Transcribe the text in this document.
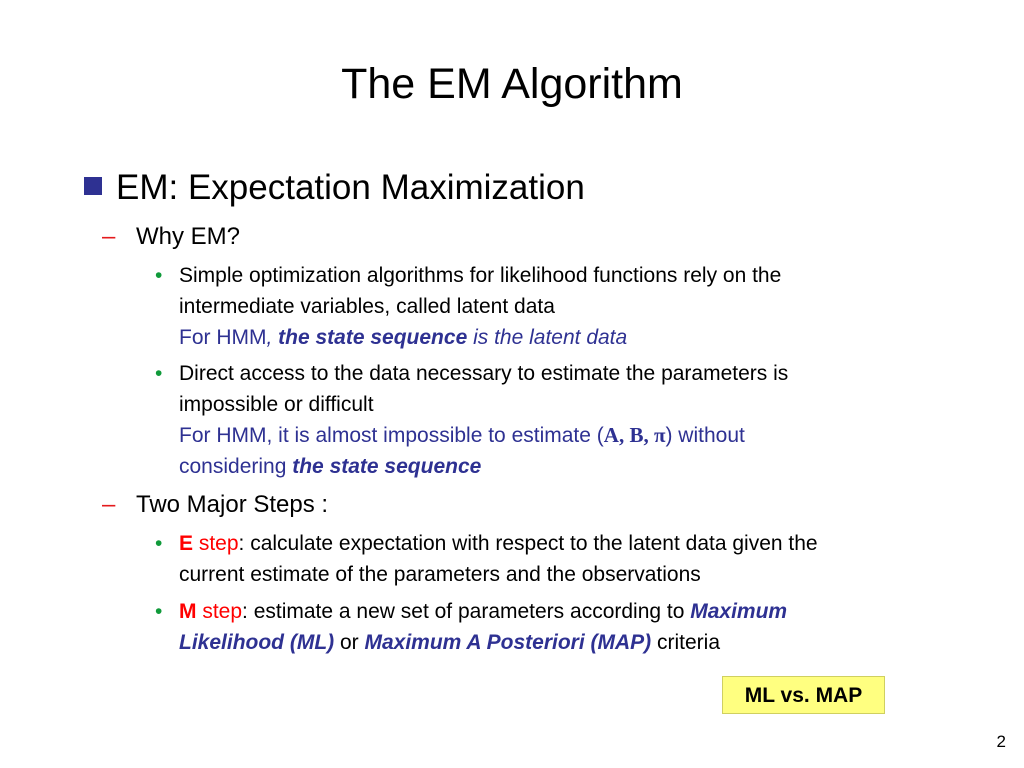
The EM Algorithm
EM: Expectation Maximization
– Why EM?
• Simple optimization algorithms for likelihood functions rely on the
intermediate variables, called latent data
For HMM, the state sequence is the latent data
• Direct access to the data necessary to estimate the parameters is
impossible or difficult
For HMM, it is almost impossible to estimate (A, B, π) without
considering the state sequence
– Two Major Steps :
• E step: calculate expectation with respect to the latent data given the
current estimate of the parameters and the observations
• M step: estimate a new set of parameters according to Maximum
Likelihood (ML) or Maximum A Posteriori (MAP) criteria
ML vs. MAP
2
